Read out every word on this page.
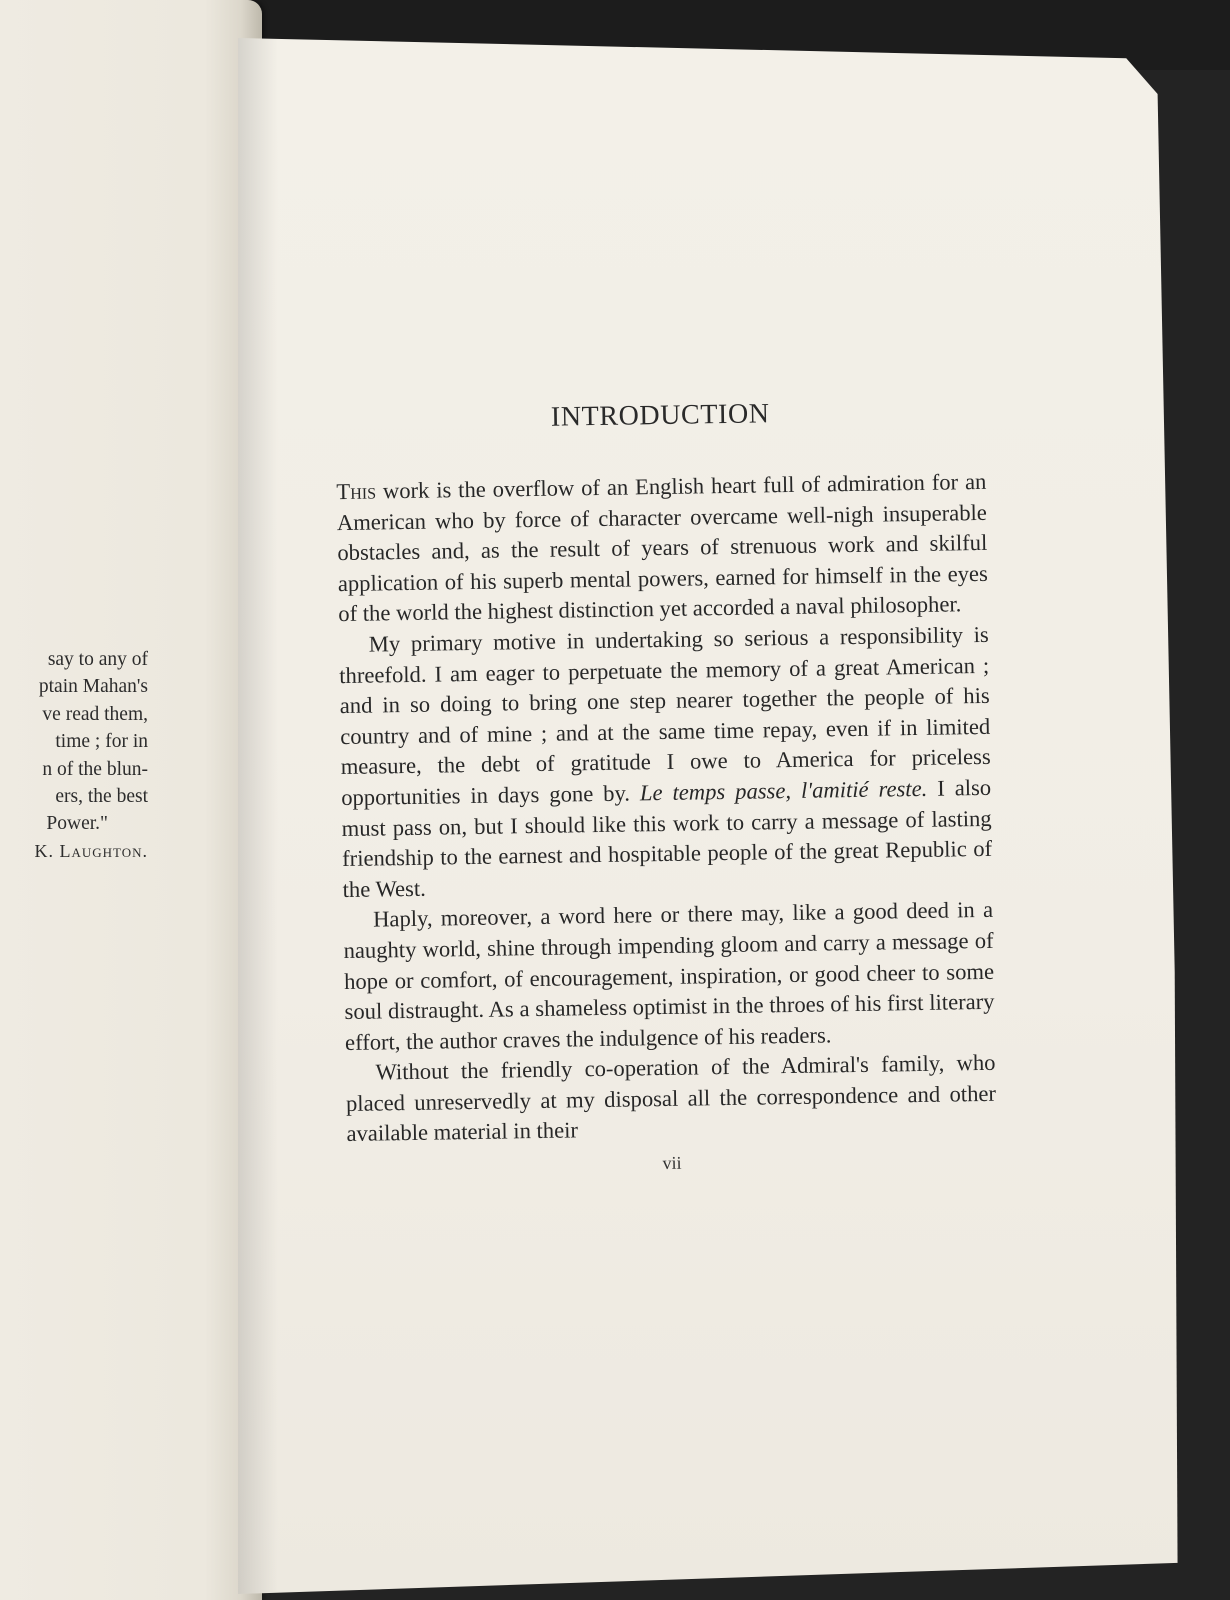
say to any of
ptain Mahan's
ve read them,
time ; for in
n of the blun-
ers, the best
Power."
K. Laughton.
INTRODUCTION

This work is the overflow of an English heart full of admiration for an American who by force of character overcame well-nigh insuperable obstacles and, as the result of years of strenuous work and skilful application of his superb mental powers, earned for himself in the eyes of the world the highest distinction yet accorded a naval philosopher.

My primary motive in undertaking so serious a responsibility is threefold. I am eager to perpetuate the memory of a great American ; and in so doing to bring one step nearer together the people of his country and of mine ; and at the same time repay, even if in limited measure, the debt of gratitude I owe to America for priceless opportunities in days gone by. Le temps passe, l'amitié reste. I also must pass on, but I should like this work to carry a message of lasting friendship to the earnest and hospitable people of the great Republic of the West.

Haply, moreover, a word here or there may, like a good deed in a naughty world, shine through impending gloom and carry a message of hope or comfort, of encouragement, inspiration, or good cheer to some soul distraught. As a shameless optimist in the throes of his first literary effort, the author craves the indulgence of his readers.

Without the friendly co-operation of the Admiral's family, who placed unreservedly at my disposal all the correspondence and other available material in their

vii
